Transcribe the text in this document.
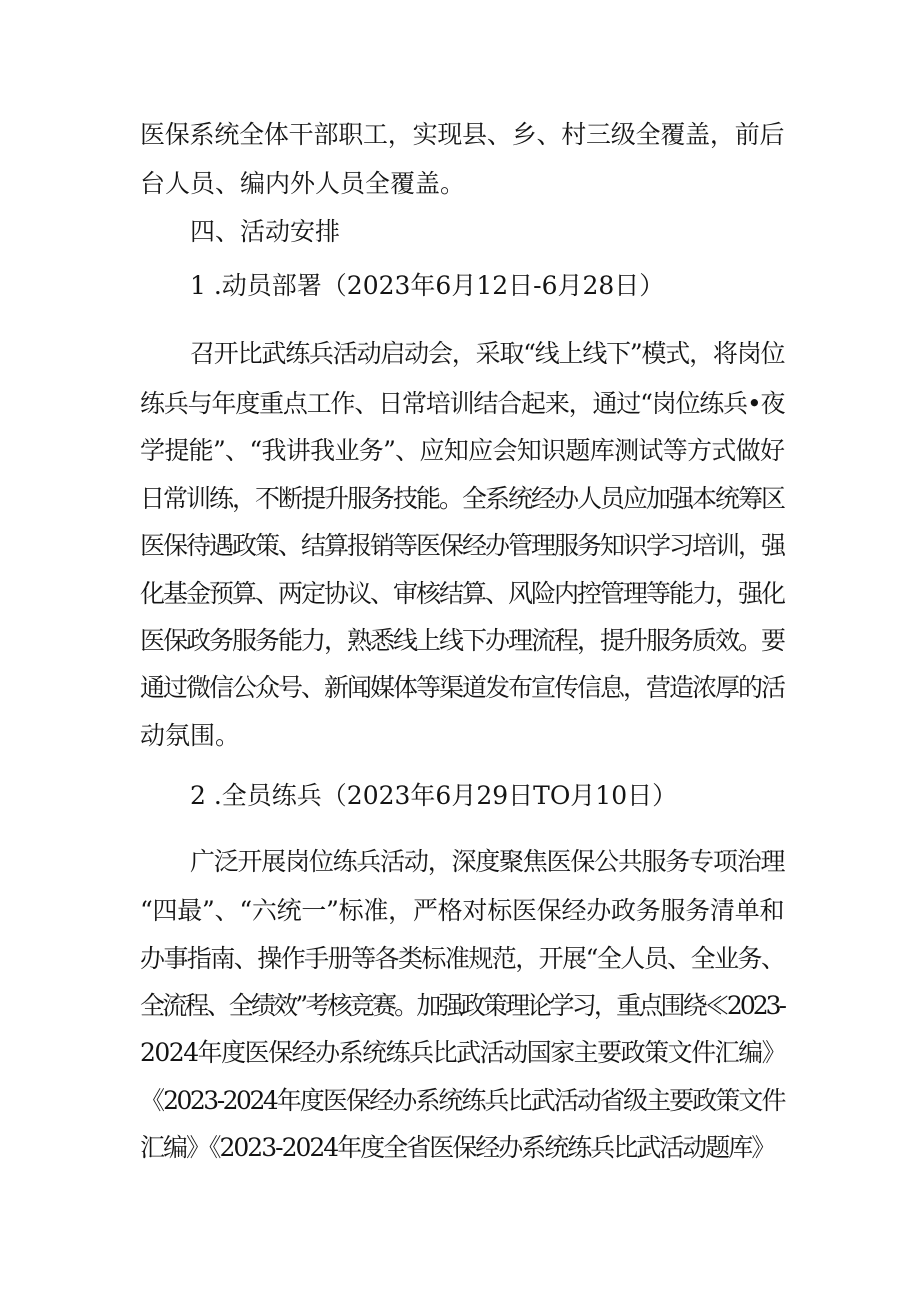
医保系统全体干部职工，实现县、乡、村三级全覆盖，前后
台人员、编内外人员全覆盖。
四、活动安排
1 .动员部署（2023年6月12日-6月28日）
召开比武练兵活动启动会，采取“线上线下”模式，将岗位
练兵与年度重点工作、日常培训结合起来，通过“岗位练兵•夜
学提能”、“我讲我业务”、应知应会知识题库测试等方式做好
日常训练，不断提升服务技能。全系统经办人员应加强本统筹区
医保待遇政策、结算报销等医保经办管理服务知识学习培训，强
化基金预算、两定协议、审核结算、风险内控管理等能力，强化
医保政务服务能力，熟悉线上线下办理流程，提升服务质效。要
通过微信公众号、新闻媒体等渠道发布宣传信息，营造浓厚的活
动氛围。
2 .全员练兵（2023年6月29日TO月10日）
广泛开展岗位练兵活动，深度聚焦医保公共服务专项治理
“四最”、“六统一”标准，严格对标医保经办政务服务清单和
办事指南、操作手册等各类标准规范，开展“全人员、全业务、
全流程、全绩效”考核竞赛。加强政策理论学习，重点围绕≪2023-
2024年度医保经办系统练兵比武活动国家主要政策文件汇编》
《2023-2024年度医保经办系统练兵比武活动省级主要政策文件
汇编》《2023-2024年度全省医保经办系统练兵比武活动题库》
